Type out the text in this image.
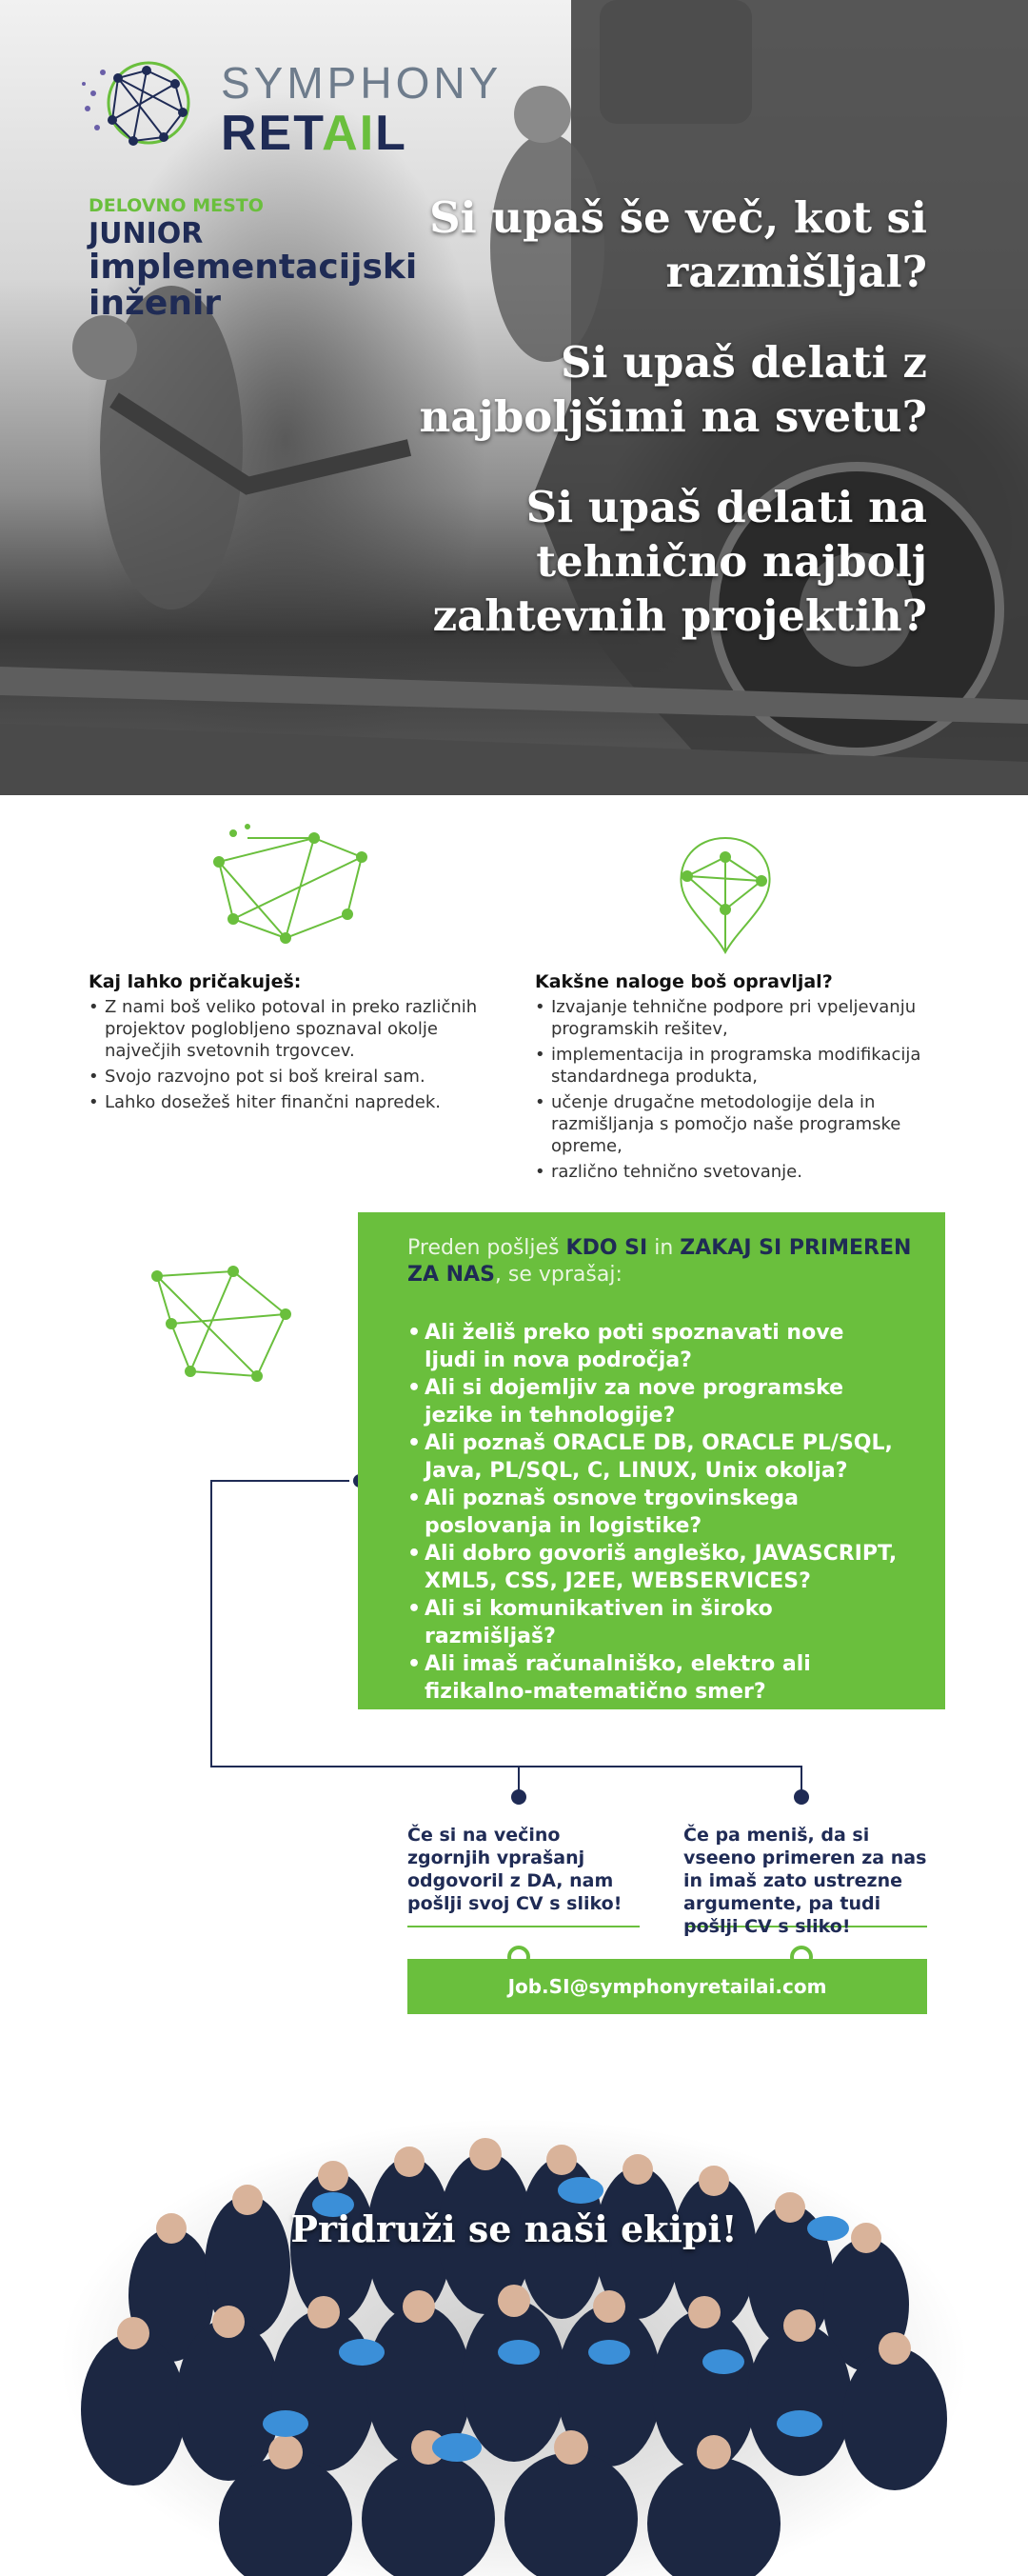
SYMPHONY
RETAIL
DELOVNO MESTO
JUNIOR
implementacijski inženir

Si upaš še več, kot si razmišljal?

Si upaš delati z najboljšimi na svetu?

Si upaš delati na tehnično najbolj zahtevnih projektih?

Kaj lahko pričakuješ:
• Z nami boš veliko potoval in preko različnih projektov poglobljeno spoznaval okolje največjih svetovnih trgovcev.
• Svojo razvojno pot si boš kreiral sam.
• Lahko dosežeš hiter finančni napredek.
Kakšne naloge boš opravljal?
• Izvajanje tehnične podpore pri vpeljevanju programskih rešitev,
• implementacija in programska modifikacija standardnega produkta,
• učenje drugačne metodologije dela in razmišljanja s pomočjo naše programske opreme,
• različno tehnično svetovanje.
Preden pošlješ KDO SI in ZAKAJ SI PRIMEREN ZA NAS, se vprašaj:
• Ali želiš preko poti spoznavati nove ljudi in nova področja?
• Ali si dojemljiv za nove programske jezike in tehnologije?
• Ali poznaš ORACLE DB, ORACLE PL/SQL, Java, PL/SQL, C, LINUX, Unix okolja?
• Ali poznaš osnove trgovinskega poslovanja in logistike?
• Ali dobro govoriš angleško, JAVASCRIPT, XML5, CSS, J2EE, WEBSERVICES?
• Ali si komunikativen in široko razmišljaš?
• Ali imaš računalniško, elektro ali fizikalno-matematično smer?
Če si na večino zgornjih vprašanj odgovoril z DA, nam pošlji svoj CV s sliko!
Če pa meniš, da si vseeno primeren za nas in imaš zato ustrezne argumente, pa tudi pošlji CV s sliko!
Job.SI@symphonyretailai.com
Pridruži se naši ekipi!
